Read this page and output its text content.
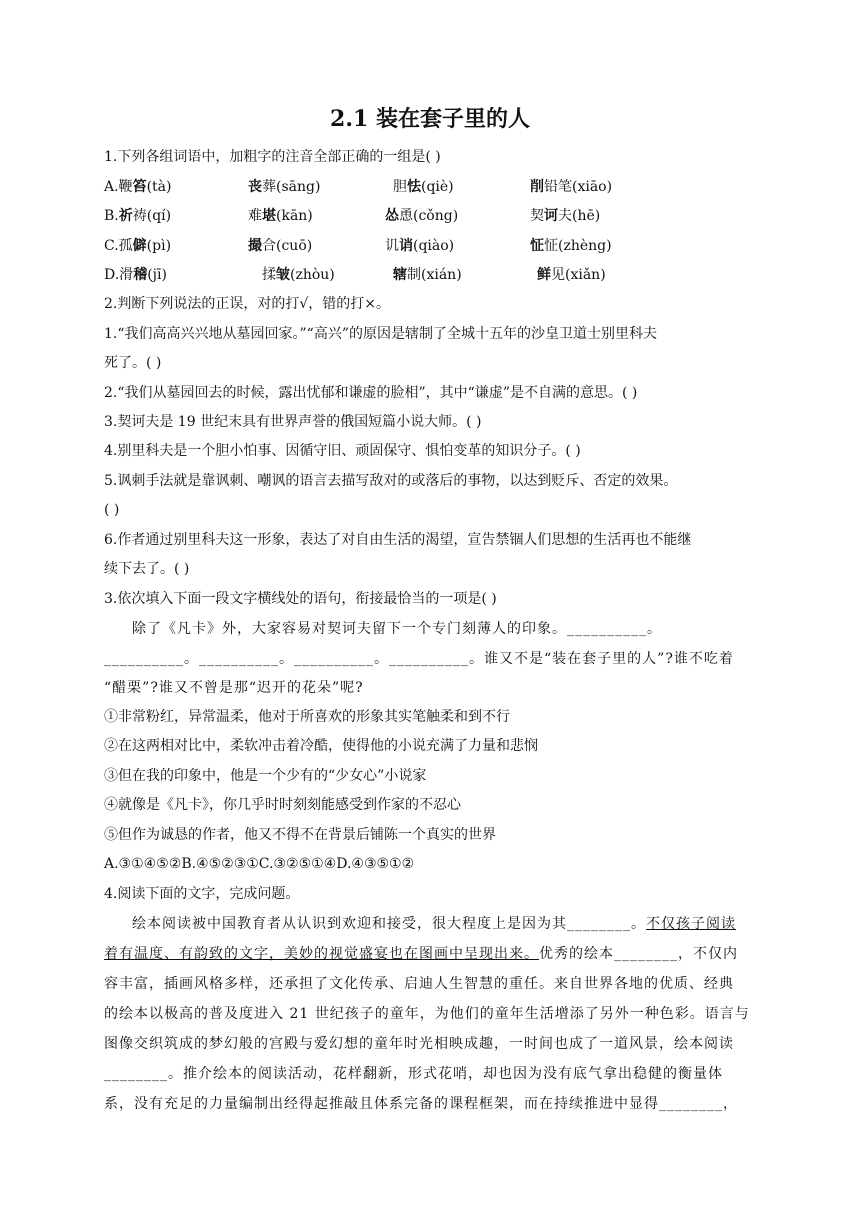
2.1 装在套子里的人
1.下列各组词语中，加粗字的注音全部正确的一组是( )
A.鞭笞(tà)	丧葬(sāng)	胆怯(qiè)	削铅笔(xiāo)
B.祈祷(qí)	难堪(kān)	怂恿(cǒng)	契诃夫(hē)
C.孤僻(pì)	撮合(cuō)	讥诮(qiào)	怔怔(zhèng)
D.滑稽(jī)	揉皱(zhòu)	辖制(xián)	鲜见(xiǎn)
2.判断下列说法的正误，对的打√，错的打×。
1.“我们高高兴兴地从墓园回家。”“高兴”的原因是辖制了全城十五年的沙皇卫道士别里科夫
死了。( )
2.“我们从墓园回去的时候，露出忧郁和谦虚的脸相”，其中“谦虚”是不自满的意思。( )
3.契诃夫是 19 世纪末具有世界声誉的俄国短篇小说大师。( )
4.别里科夫是一个胆小怕事、因循守旧、顽固保守、惧怕变革的知识分子。( )
5.讽刺手法就是靠讽刺、嘲讽的语言去描写敌对的或落后的事物，以达到贬斥、否定的效果。
( )
6.作者通过别里科夫这一形象，表达了对自由生活的渴望，宣告禁锢人们思想的生活再也不能继
续下去了。( )
3.依次填入下面一段文字横线处的语句，衔接最恰当的一项是( )
除了《凡卡》外，大家容易对契诃夫留下一个专门刻薄人的印象。__________。
__________。__________。__________。__________。谁又不是“装在套子里的人”?谁不吃着
“醋栗”?谁又不曾是那“迟开的花朵”呢?
①非常粉红，异常温柔，他对于所喜欢的形象其实笔触柔和到不行
②在这两相对比中，柔软冲击着冷酷，使得他的小说充满了力量和悲悯
③但在我的印象中，他是一个少有的“少女心”小说家
④就像是《凡卡》，你几乎时时刻刻能感受到作家的不忍心
⑤但作为诚恳的作者，他又不得不在背景后铺陈一个真实的世界
A.③①④⑤②B.④⑤②③①C.③②⑤①④D.④③⑤①②
4.阅读下面的文字，完成问题。
绘本阅读被中国教育者从认识到欢迎和接受，很大程度上是因为其________。不仅孩子阅读
着有温度、有韵致的文字，美妙的视觉盛宴也在图画中呈现出来。优秀的绘本________，不仅内
容丰富，插画风格多样，还承担了文化传承、启迪人生智慧的重任。来自世界各地的优质、经典
的绘本以极高的普及度进入 21 世纪孩子的童年，为他们的童年生活增添了另外一种色彩。语言与
图像交织筑成的梦幻般的宫殿与爱幻想的童年时光相映成趣，一时间也成了一道风景，绘本阅读
________。推介绘本的阅读活动，花样翻新，形式花哨，却也因为没有底气拿出稳健的衡量体
系，没有充足的力量编制出经得起推敲且体系完备的课程框架，而在持续推进中显得________，
